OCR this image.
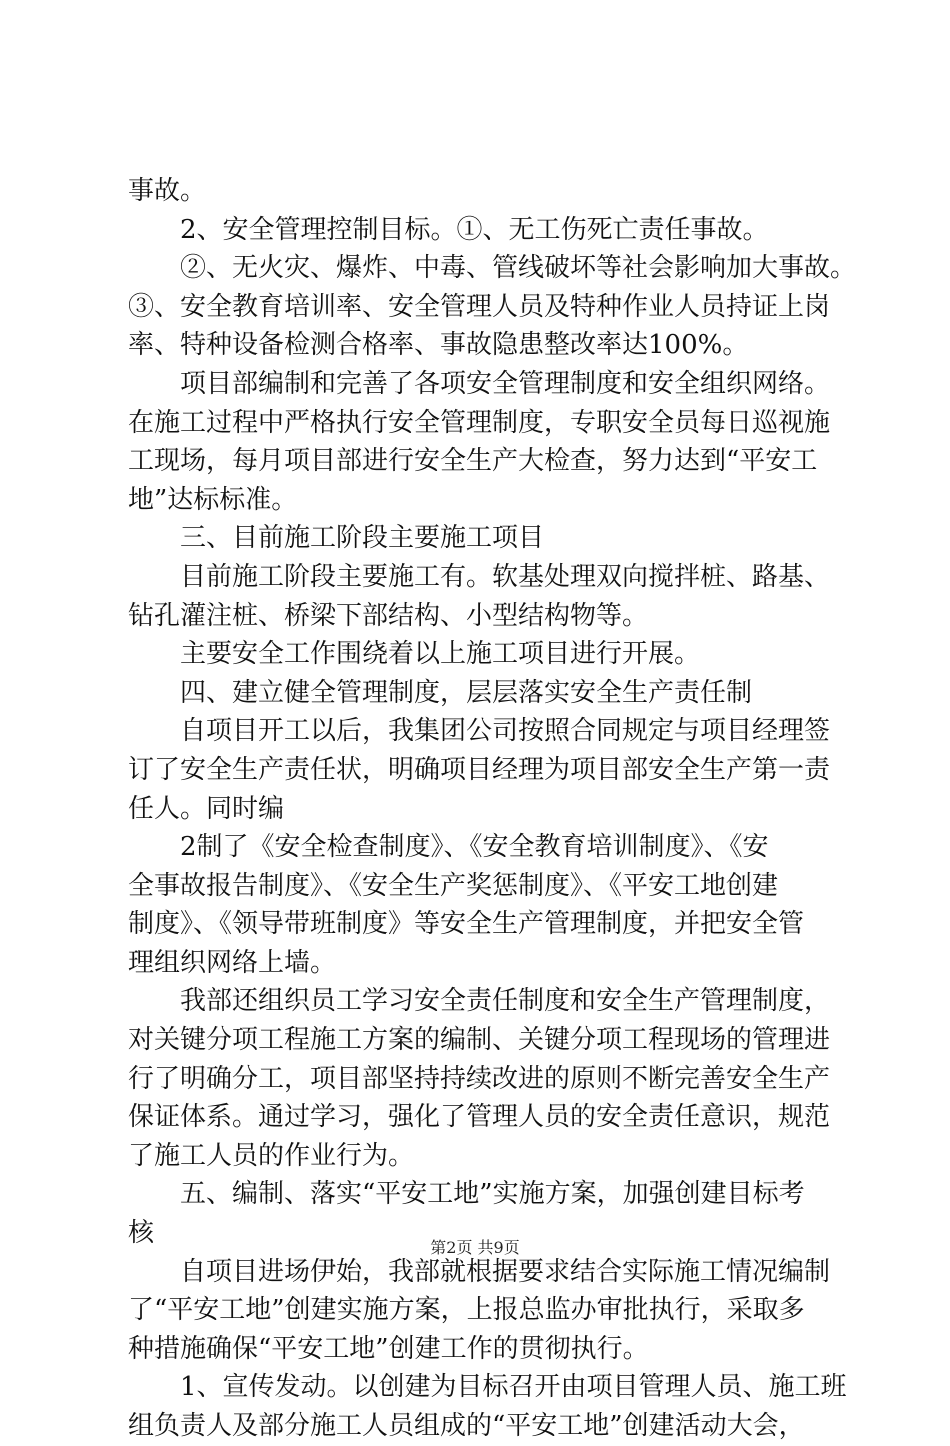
事故。
2、安全管理控制目标。①、无工伤死亡责任事故。
②、无火灾、爆炸、中毒、管线破坏等社会影响加大事故。
③、安全教育培训率、安全管理人员及特种作业人员持证上岗
率、特种设备检测合格率、事故隐患整改率达100%。
项目部编制和完善了各项安全管理制度和安全组织网络。
在施工过程中严格执行安全管理制度，专职安全员每日巡视施
工现场，每月项目部进行安全生产大检查，努力达到“平安工
地”达标标准。
三、目前施工阶段主要施工项目
目前施工阶段主要施工有。软基处理双向搅拌桩、路基、
钻孔灌注桩、桥梁下部结构、小型结构物等。
主要安全工作围绕着以上施工项目进行开展。
四、建立健全管理制度，层层落实安全生产责任制
自项目开工以后，我集团公司按照合同规定与项目经理签
订了安全生产责任状，明确项目经理为项目部安全生产第一责
任人。同时编
2制了《安全检查制度》、《安全教育培训制度》、《安
全事故报告制度》、《安全生产奖惩制度》、《平安工地创建
制度》、《领导带班制度》等安全生产管理制度，并把安全管
理组织网络上墙。
我部还组织员工学习安全责任制度和安全生产管理制度，
对关键分项工程施工方案的编制、关键分项工程现场的管理进
行了明确分工，项目部坚持持续改进的原则不断完善安全生产
保证体系。通过学习，强化了管理人员的安全责任意识，规范
了施工人员的作业行为。
五、编制、落实“平安工地”实施方案，加强创建目标考
核
自项目进场伊始，我部就根据要求结合实际施工情况编制
了“平安工地”创建实施方案，上报总监办审批执行，采取多
种措施确保“平安工地”创建工作的贯彻执行。
1、宣传发动。以创建为目标召开由项目管理人员、施工班
组负责人及部分施工人员组成的“平安工地”创建活动大会，
第2页 共9页
